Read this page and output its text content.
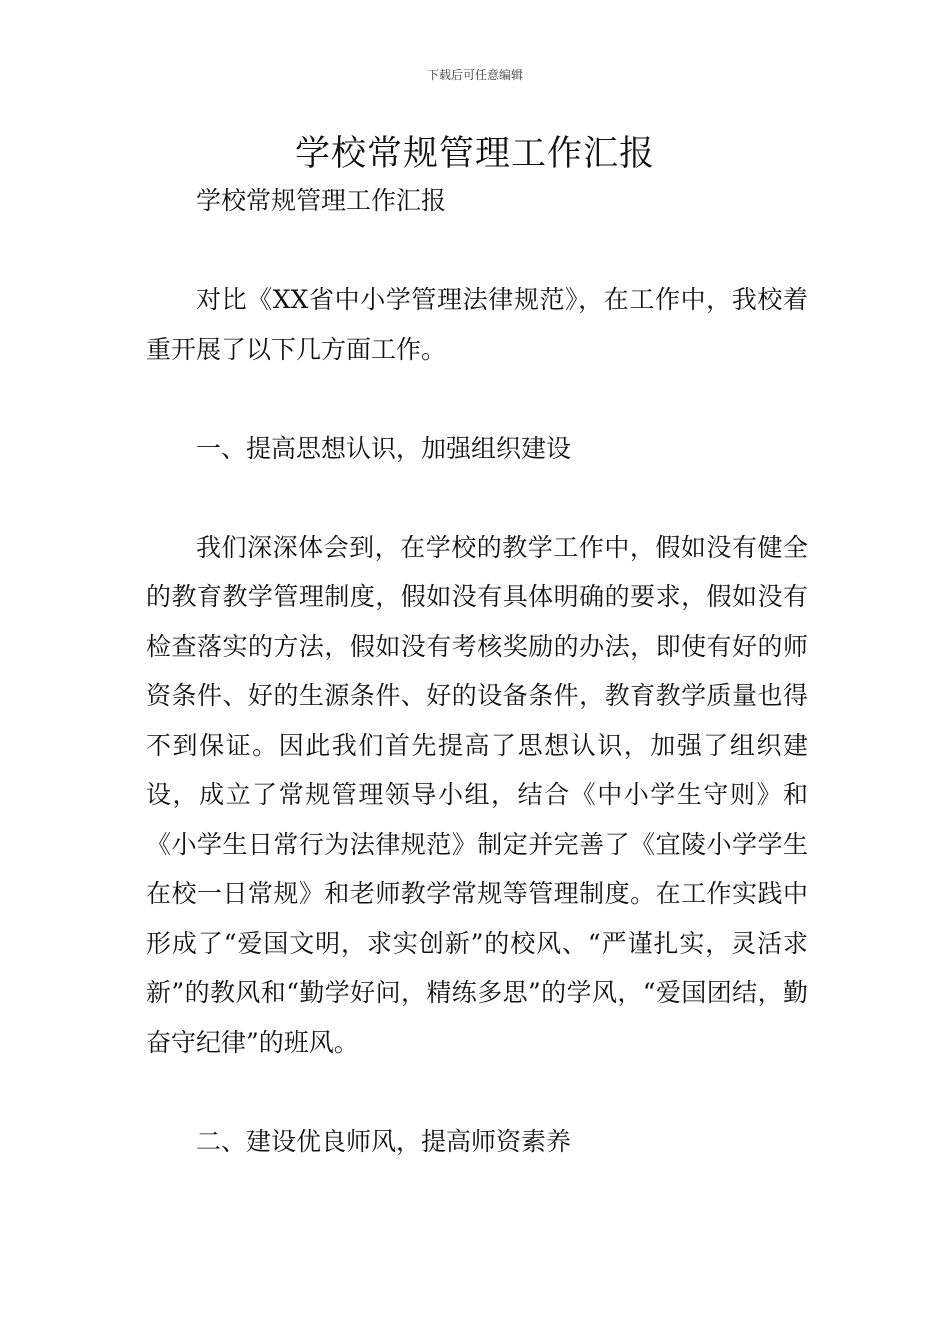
下载后可任意编辑
学校常规管理工作汇报

学校常规管理工作汇报

对比《XX省中小学管理法律规范》，在工作中，我校着重开展了以下几方面工作。

一、提高思想认识，加强组织建设

我们深深体会到，在学校的教学工作中，假如没有健全的教育教学管理制度，假如没有具体明确的要求，假如没有检查落实的方法，假如没有考核奖励的办法，即使有好的师资条件、好的生源条件、好的设备条件，教育教学质量也得不到保证。因此我们首先提高了思想认识，加强了组织建设，成立了常规管理领导小组，结合《中小学生守则》和《小学生日常行为法律规范》制定并完善了《宜陵小学学生在校一日常规》和老师教学常规等管理制度。在工作实践中形成了“爱国文明，求实创新”的校风、“严谨扎实，灵活求新”的教风和“勤学好问，精练多思”的学风，“爱国团结，勤奋守纪律”的班风。

二、建设优良师风，提高师资素养
